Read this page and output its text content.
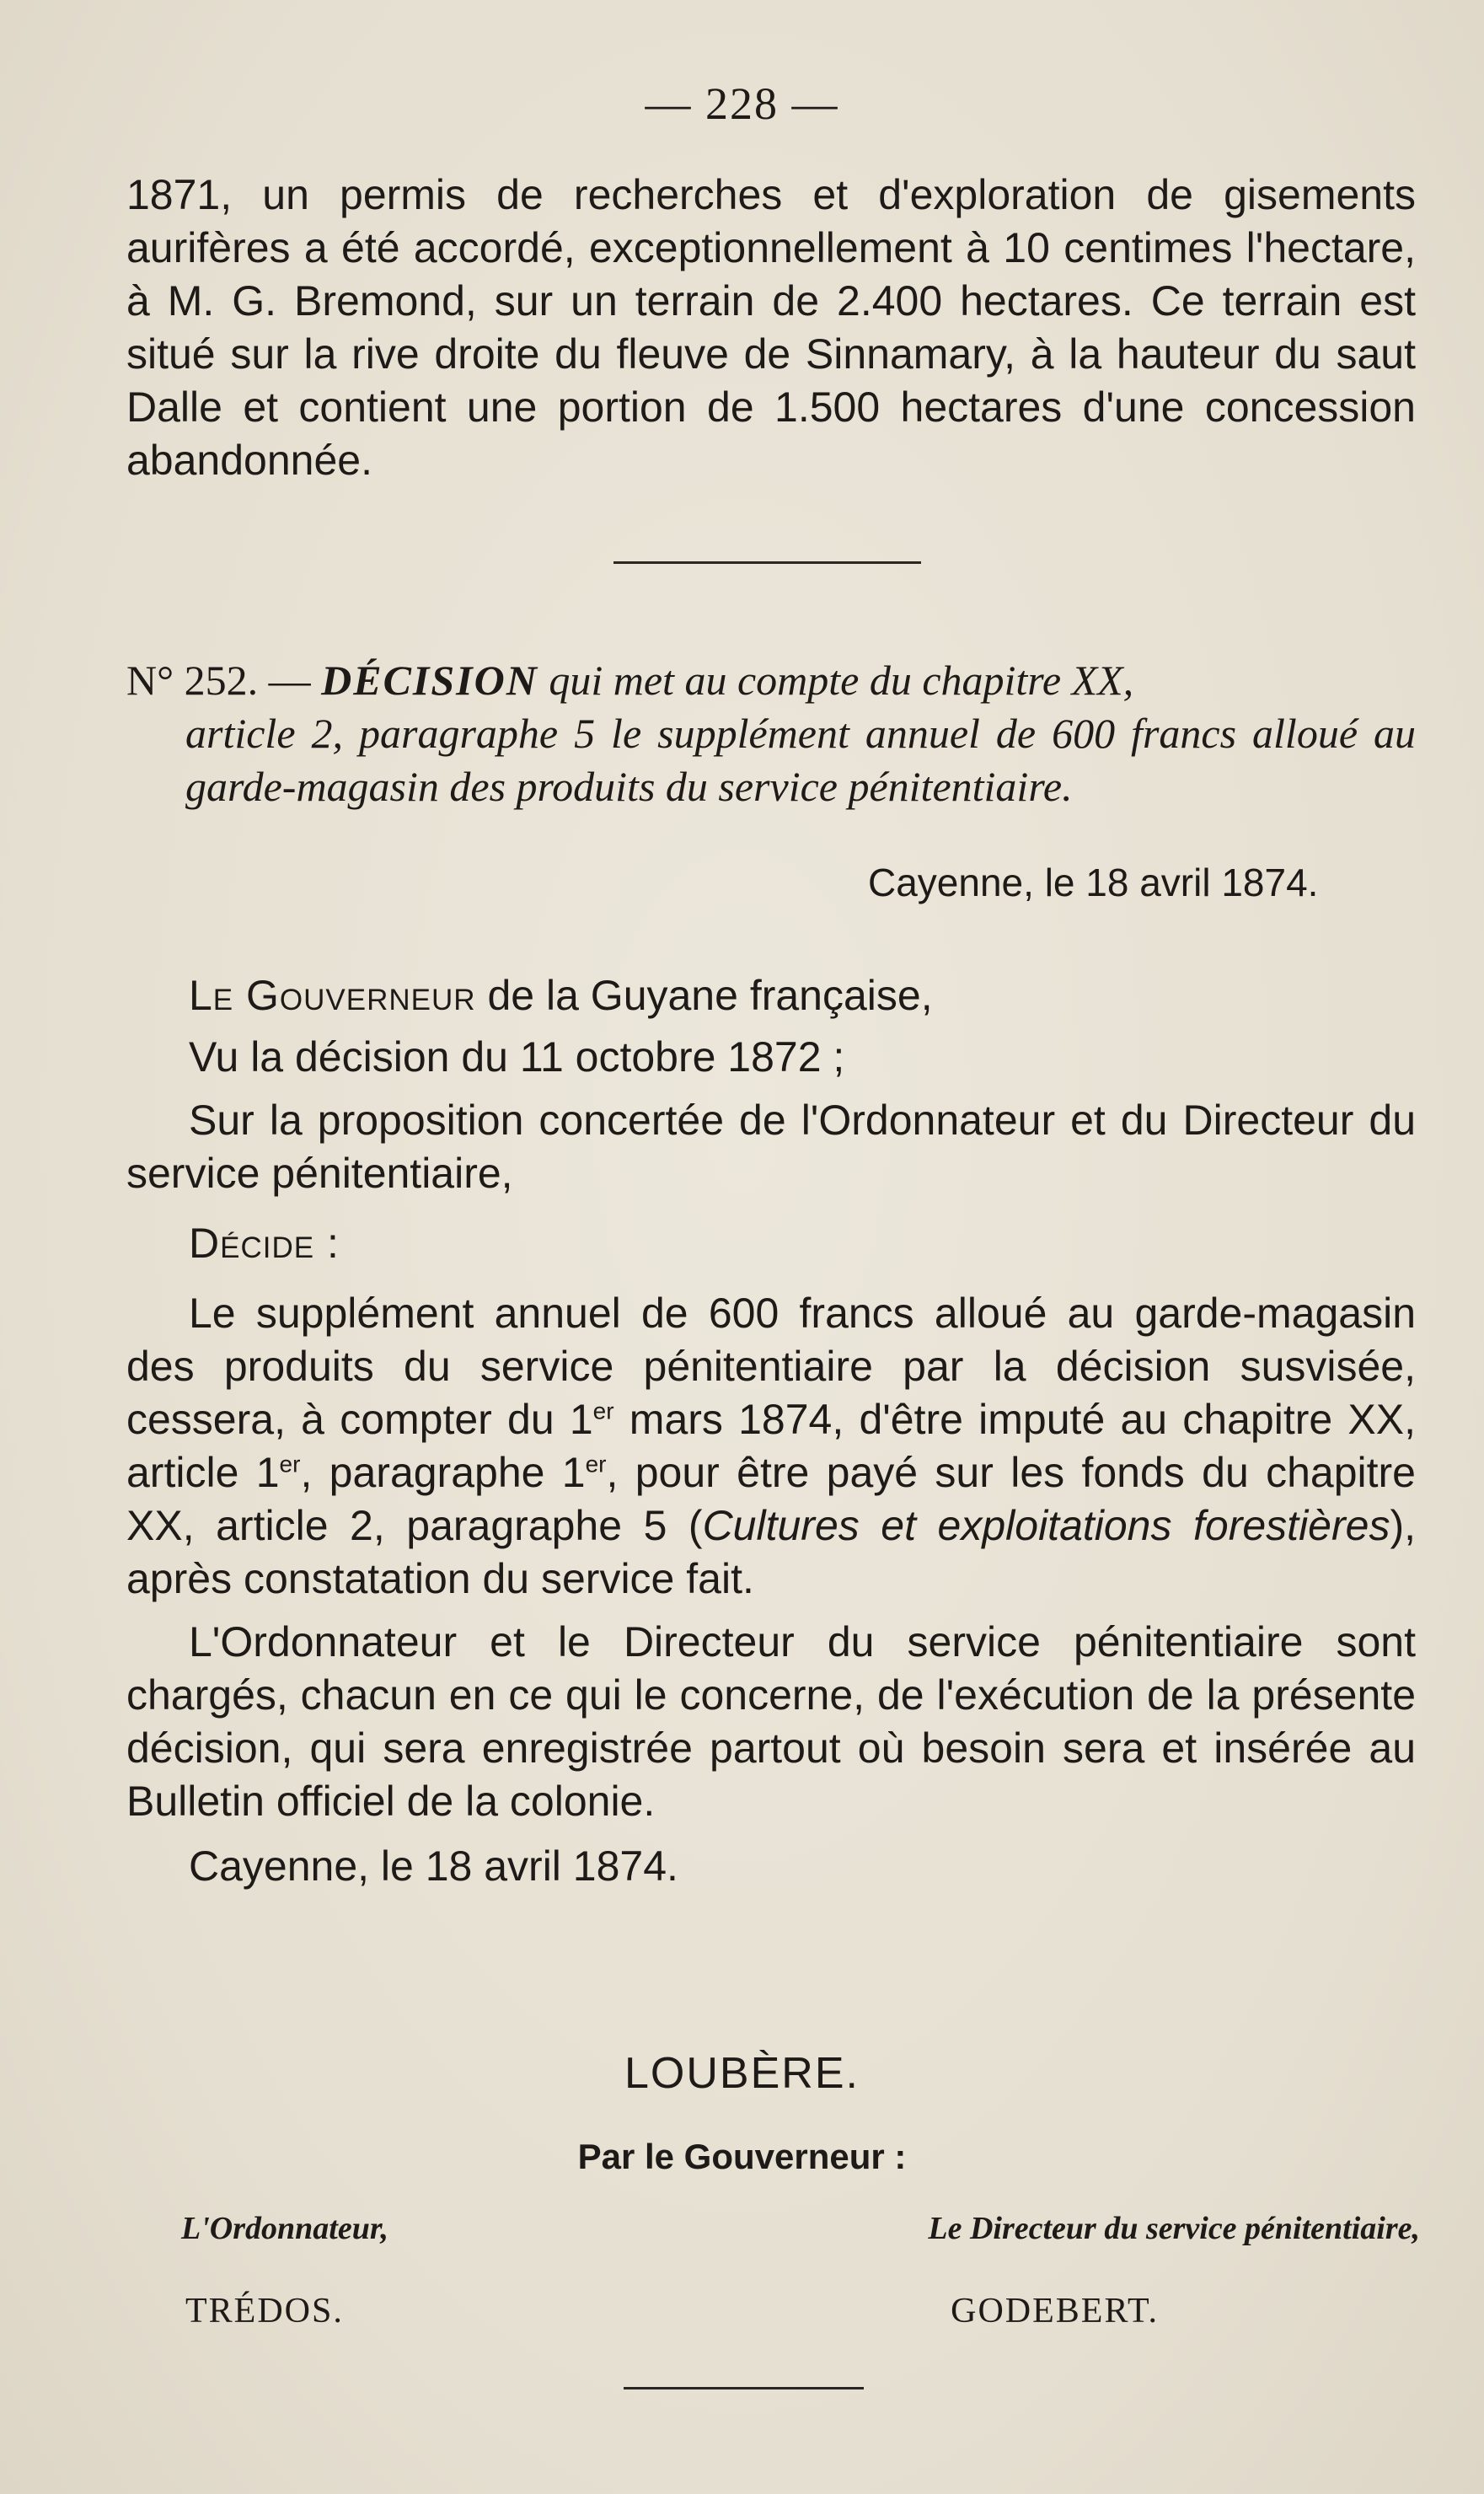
— 228 —

1871, un permis de recherches et d'exploration de gisements aurifères a été accordé, exceptionnellement à 10 centimes l'hectare, à M. G. Bremond, sur un terrain de 2.400 hectares. Ce terrain est situé sur la rive droite du fleuve de Sinnamary, à la hauteur du saut Dalle et contient une portion de 1.500 hectares d'une concession abandonnée.

N° 252. — DÉCISION qui met au compte du chapitre XX,

article 2, paragraphe 5 le supplément annuel de 600 francs alloué au garde-magasin des produits du service pénitentiaire.

Cayenne, le 18 avril 1874.

Le Gouverneur de la Guyane française,

Vu la décision du 11 octobre 1872 ;

Sur la proposition concertée de l'Ordonnateur et du Directeur du service pénitentiaire,

Décide :

Le supplément annuel de 600 francs alloué au garde-magasin des produits du service pénitentiaire par la décision susvisée, cessera, à compter du 1er mars 1874, d'être imputé au chapitre XX, article 1er, paragraphe 1er, pour être payé sur les fonds du chapitre XX, article 2, paragraphe 5 (Cultures et exploitations forestières), après constatation du service fait.

L'Ordonnateur et le Directeur du service pénitentiaire sont chargés, chacun en ce qui le concerne, de l'exécution de la présente décision, qui sera enregistrée partout où besoin sera et insérée au Bulletin officiel de la colonie.

Cayenne, le 18 avril 1874.

LOUBÈRE.
Par le Gouverneur :
L'Ordonnateur,	Le Directeur du service pénitentiaire,
TRÉDOS.	GODEBERT.
